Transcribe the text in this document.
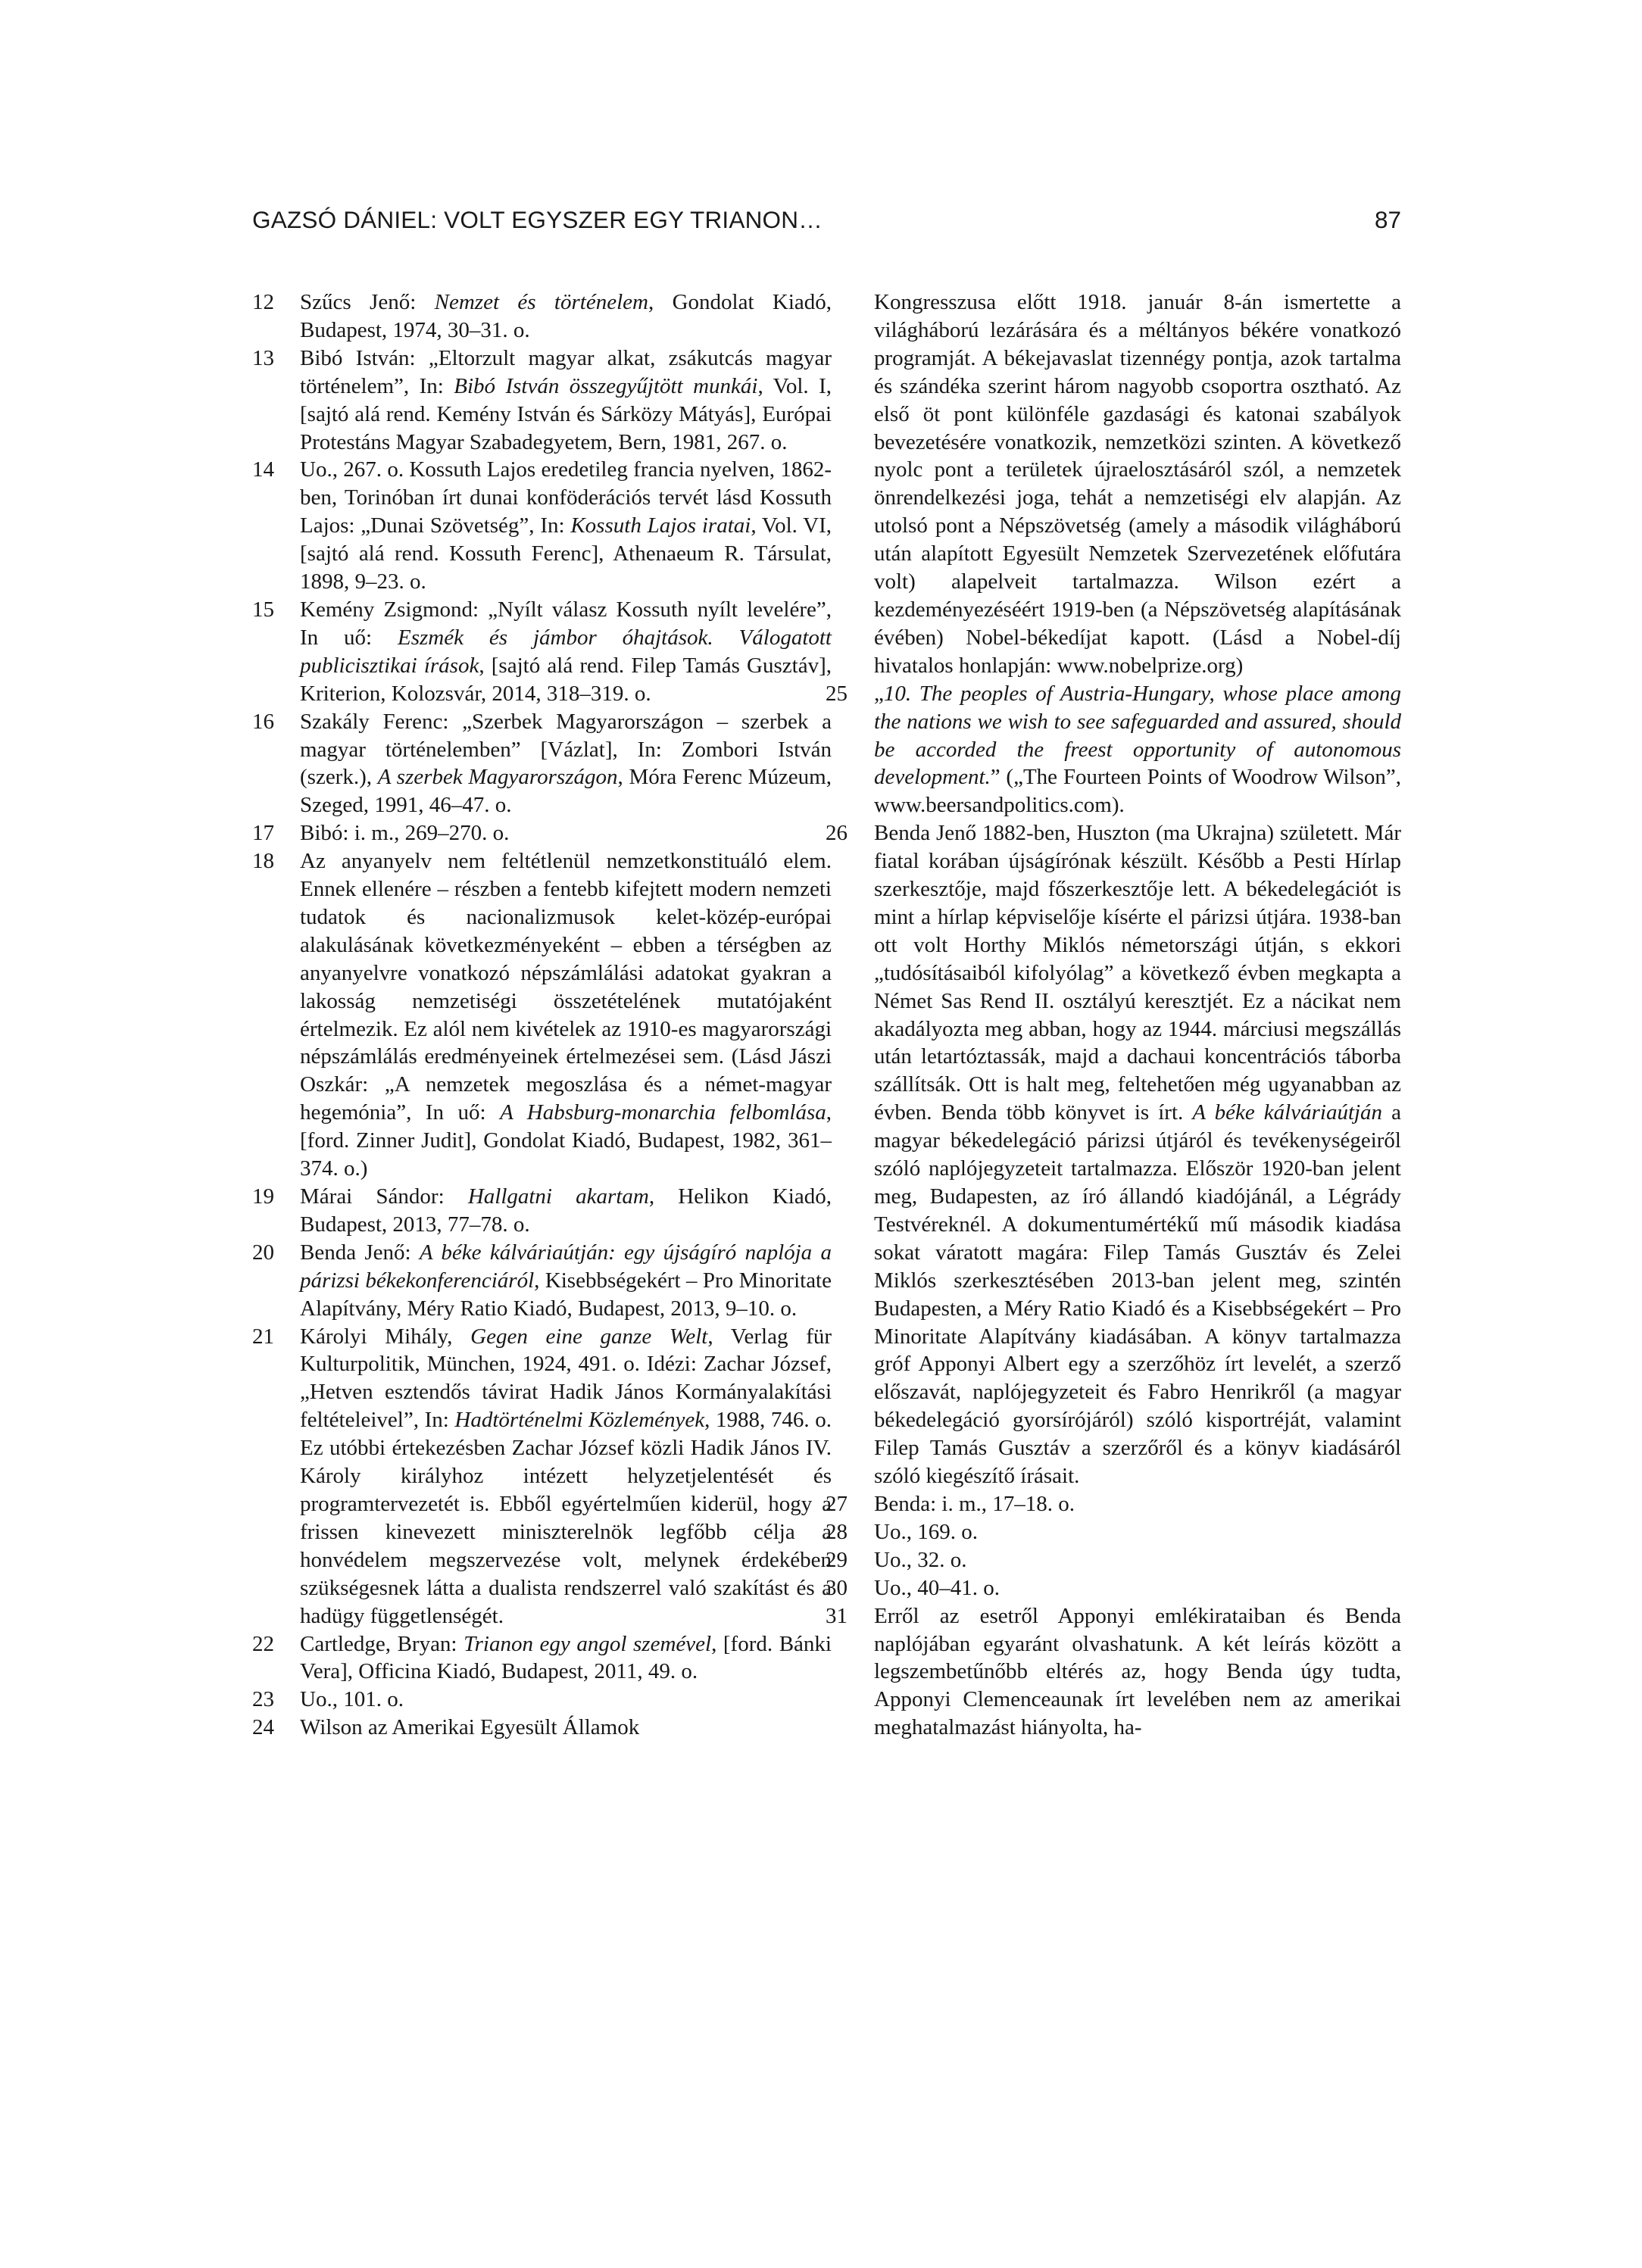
GAZSÓ DÁNIEL: VOLT EGYSZER EGY TRIANON…	87
12	Szűcs Jenő: Nemzet és történelem, Gondolat Kiadó, Budapest, 1974, 30–31. o.
13	Bibó István: „Eltorzult magyar alkat, zsákutcás magyar történelem”, In: Bibó István összegyűjtött munkái, Vol. I, [sajtó alá rend. Kemény István és Sárközy Mátyás], Európai Protestáns Magyar Szabadegyetem, Bern, 1981, 267. o.
14	Uo., 267. o. Kossuth Lajos eredetileg francia nyelven, 1862-ben, Torinóban írt dunai konföderációs tervét lásd Kossuth Lajos: „Dunai Szövetség”, In: Kossuth Lajos iratai, Vol. VI, [sajtó alá rend. Kossuth Ferenc], Athenaeum R. Társulat, 1898, 9–23. o.
15	Kemény Zsigmond: „Nyílt válasz Kossuth nyílt levelére”, In uő: Eszmék és jámbor óhajtások. Válogatott publicisztikai írások, [sajtó alá rend. Filep Tamás Gusztáv], Kriterion, Kolozsvár, 2014, 318–319. o.
16	Szakály Ferenc: „Szerbek Magyarországon – szerbek a magyar történelemben” [Vázlat], In: Zombori István (szerk.), A szerbek Magyarországon, Móra Ferenc Múzeum, Szeged, 1991, 46–47. o.
17	Bibó: i. m., 269–270. o.
18	Az anyanyelv nem feltétlenül nemzetkonstituáló elem. Ennek ellenére – részben a fentebb kifejtett modern nemzeti tudatok és nacionalizmusok kelet-közép-európai alakulásának következményeként – ebben a térségben az anyanyelvre vonatkozó népszámlálási adatokat gyakran a lakosság nemzetiségi összetételének mutatójaként értelmezik. Ez alól nem kivételek az 1910-es magyarországi népszámlálás eredményeinek értelmezései sem. (Lásd Jászi Oszkár: „A nemzetek megoszlása és a német-magyar hegemónia”, In uő: A Habsburg-monarchia felbomlása, [ford. Zinner Judit], Gondolat Kiadó, Budapest, 1982, 361–374. o.)
19	Márai Sándor: Hallgatni akartam, Helikon Kiadó, Budapest, 2013, 77–78. o.
20	Benda Jenő: A béke kálváriaútján: egy újságíró naplója a párizsi békekonferenciáról, Kisebbségekért – Pro Minoritate Alapítvány, Méry Ratio Kiadó, Budapest, 2013, 9–10. o.
21	Károlyi Mihály, Gegen eine ganze Welt, Verlag für Kulturpolitik, München, 1924, 491. o. Idézi: Zachar József, „Hetven esztendős távirat Hadik János Kormányalakítási feltételeivel”, In: Hadtörténelmi Közlemények, 1988, 746. o. Ez utóbbi értekezésben Zachar József közli Hadik János IV. Károly királyhoz intézett helyzetjelentését és programtervezetét is. Ebből egyértelműen kiderül, hogy a frissen kinevezett miniszterelnök legfőbb célja a honvédelem megszervezése volt, melynek érdekében szükségesnek látta a dualista rendszerrel való szakítást és a hadügy függetlenségét.
22	Cartledge, Bryan: Trianon egy angol szemével, [ford. Bánki Vera], Officina Kiadó, Budapest, 2011, 49. o.
23	Uo., 101. o.
24	Wilson az Amerikai Egyesült Államok
Kongresszusa előtt 1918. január 8-án ismertette a világháború lezárására és a méltányos békére vonatkozó programját. A békejavaslat tizennégy pontja, azok tartalma és szándéka szerint három nagyobb csoportra osztható. Az első öt pont különféle gazdasági és katonai szabályok bevezetésére vonatkozik, nemzetközi szinten. A következő nyolc pont a területek újraelosztásáról szól, a nemzetek önrendelkezési joga, tehát a nemzetiségi elv alapján. Az utolsó pont a Népszövetség (amely a második világháború után alapított Egyesült Nemzetek Szervezetének előfutára volt) alapelveit tartalmazza. Wilson ezért a kezdeményezéséért 1919-ben (a Népszövetség alapításának évében) Nobel-békedíjat kapott. (Lásd a Nobel-díj hivatalos honlapján: www.nobelprize.org)
25	„10. The peoples of Austria-Hungary, whose place among the nations we wish to see safeguarded and assured, should be accorded the freest opportunity of autonomous development.” („The Fourteen Points of Woodrow Wilson”, www.beersandpolitics.com).
26	Benda Jenő 1882-ben, Huszton (ma Ukrajna) született. Már fiatal korában újságírónak készült. Később a Pesti Hírlap szerkesztője, majd főszerkesztője lett. A békedelegációt is mint a hírlap képviselője kísérte el párizsi útjára. 1938-ban ott volt Horthy Miklós németországi útján, s ekkori „tudósításaiból kifolyólag” a következő évben megkapta a Német Sas Rend II. osztályú keresztjét. Ez a nácikat nem akadályozta meg abban, hogy az 1944. márciusi megszállás után letartóztassák, majd a dachaui koncentrációs táborba szállítsák. Ott is halt meg, feltehetően még ugyanabban az évben. Benda több könyvet is írt. A béke kálváriaútján a magyar békedelegáció párizsi útjáról és tevékenységeiről szóló naplójegyzeteit tartalmazza. Először 1920-ban jelent meg, Budapesten, az író állandó kiadójánál, a Légrády Testvéreknél. A dokumentumértékű mű második kiadása sokat váratott magára: Filep Tamás Gusztáv és Zelei Miklós szerkesztésében 2013-ban jelent meg, szintén Budapesten, a Méry Ratio Kiadó és a Kisebbségekért – Pro Minoritate Alapítvány kiadásában. A könyv tartalmazza gróf Apponyi Albert egy a szerzőhöz írt levelét, a szerző előszavát, naplójegyzeteit és Fabro Henrikről (a magyar békedelegáció gyorsírójáról) szóló kisportréját, valamint Filep Tamás Gusztáv a szerzőről és a könyv kiadásáról szóló kiegészítő írásait.
27	Benda: i. m., 17–18. o.
28	Uo., 169. o.
29	Uo., 32. o.
30	Uo., 40–41. o.
31	Erről az esetről Apponyi emlékirataiban és Benda naplójában egyaránt olvashatunk. A két leírás között a legszembetűnőbb eltérés az, hogy Benda úgy tudta, Apponyi Clemenceaunak írt levelében nem az amerikai meghatalmazást hiányolta, ha-
